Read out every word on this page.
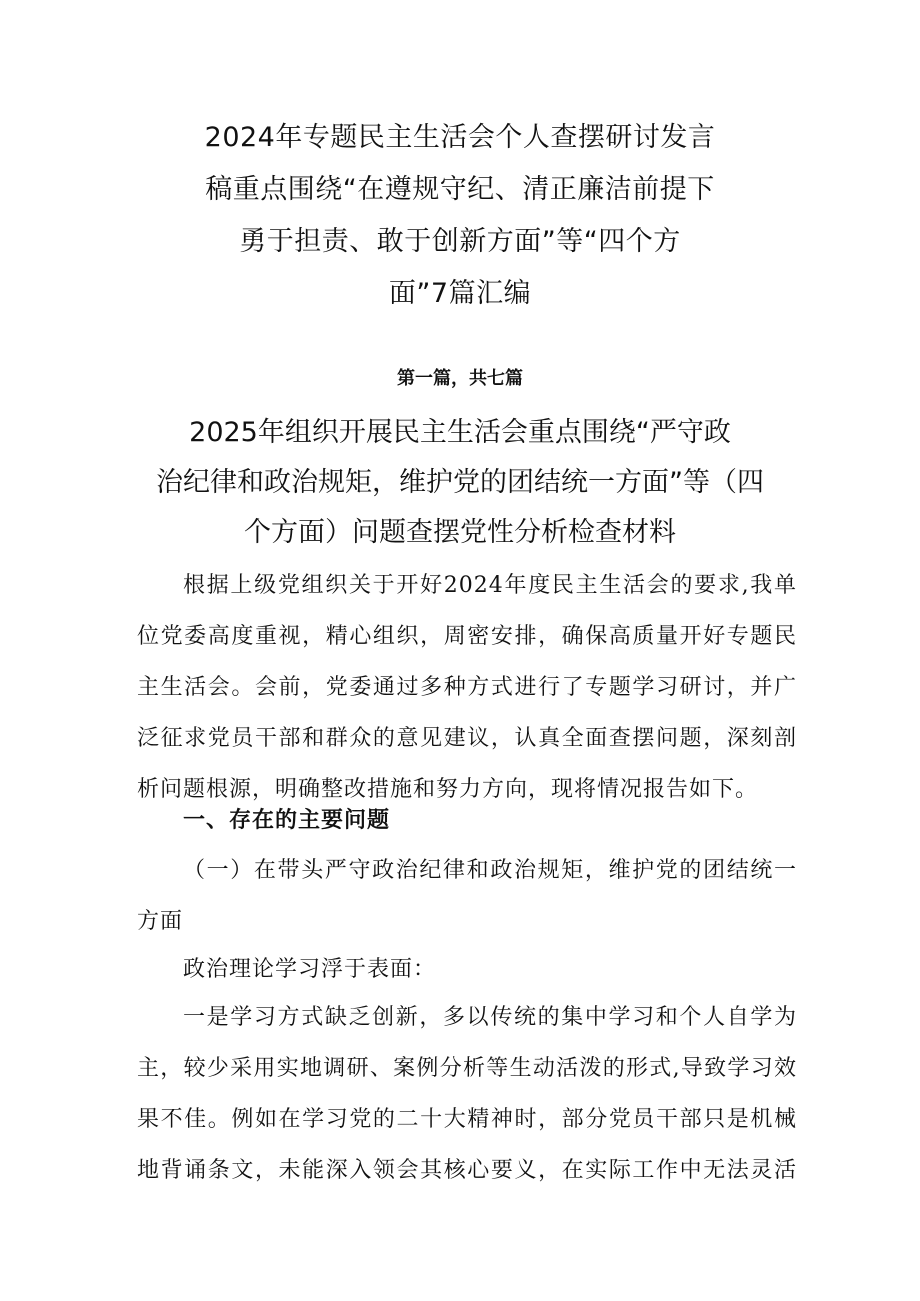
2024年专题民主生活会个人查摆研讨发言
稿重点围绕“在遵规守纪、清正廉洁前提下
勇于担责、敢于创新方面”等“四个方
面”7篇汇编

第一篇，共七篇

2025年组织开展民主生活会重点围绕“严守政
治纪律和政治规矩，维护党的团结统一方面”等（四
个方面）问题查摆党性分析检查材料
根据上级党组织关于开好2024年度民主生活会的要求,我单
位党委高度重视，精心组织，周密安排，确保高质量开好专题民
主生活会。会前，党委通过多种方式进行了专题学习研讨，并广
泛征求党员干部和群众的意见建议，认真全面查摆问题，深刻剖
析问题根源，明确整改措施和努力方向，现将情况报告如下。
一、存在的主要问题
（一）在带头严守政治纪律和政治规矩，维护党的团结统一
方面
政治理论学习浮于表面：
一是学习方式缺乏创新，多以传统的集中学习和个人自学为
主，较少采用实地调研、案例分析等生动活泼的形式,导致学习效
果不佳。例如在学习党的二十大精神时，部分党员干部只是机械
地背诵条文，未能深入领会其核心要义，在实际工作中无法灵活
